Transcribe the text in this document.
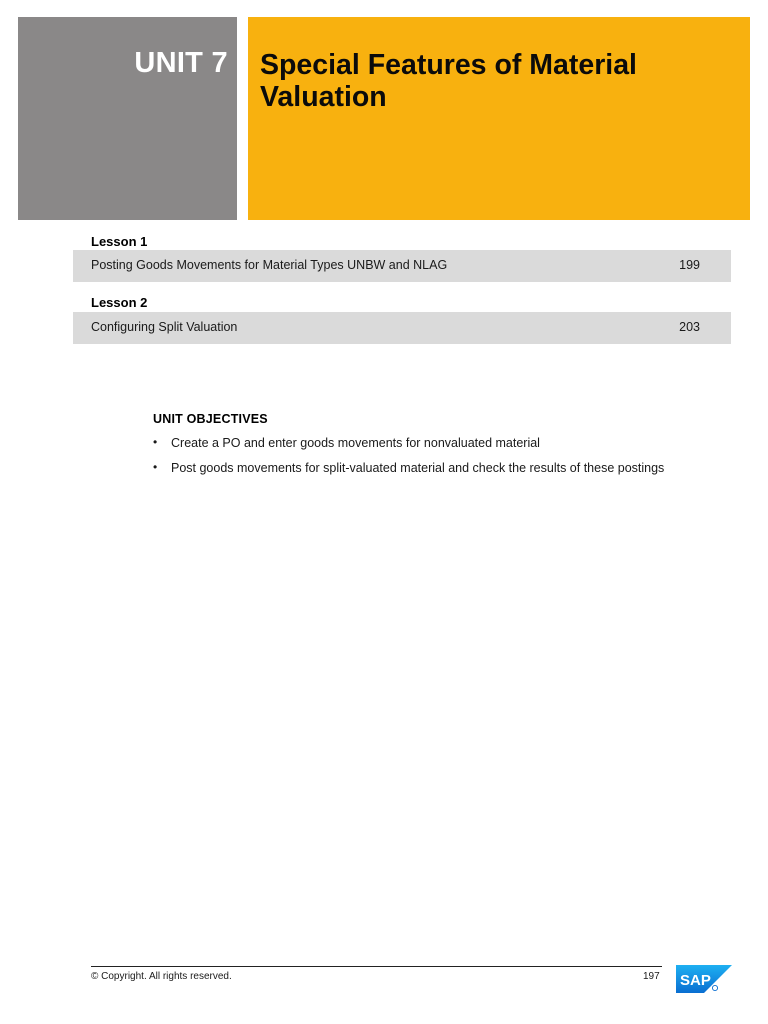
UNIT 7 Special Features of Material Valuation
Lesson 1
Posting Goods Movements for Material Types UNBW and NLAG	199
Lesson 2
Configuring Split Valuation	203
UNIT OBJECTIVES
• Create a PO and enter goods movements for nonvaluated material
• Post goods movements for split-valuated material and check the results of these postings
© Copyright. All rights reserved.	197 SAP
